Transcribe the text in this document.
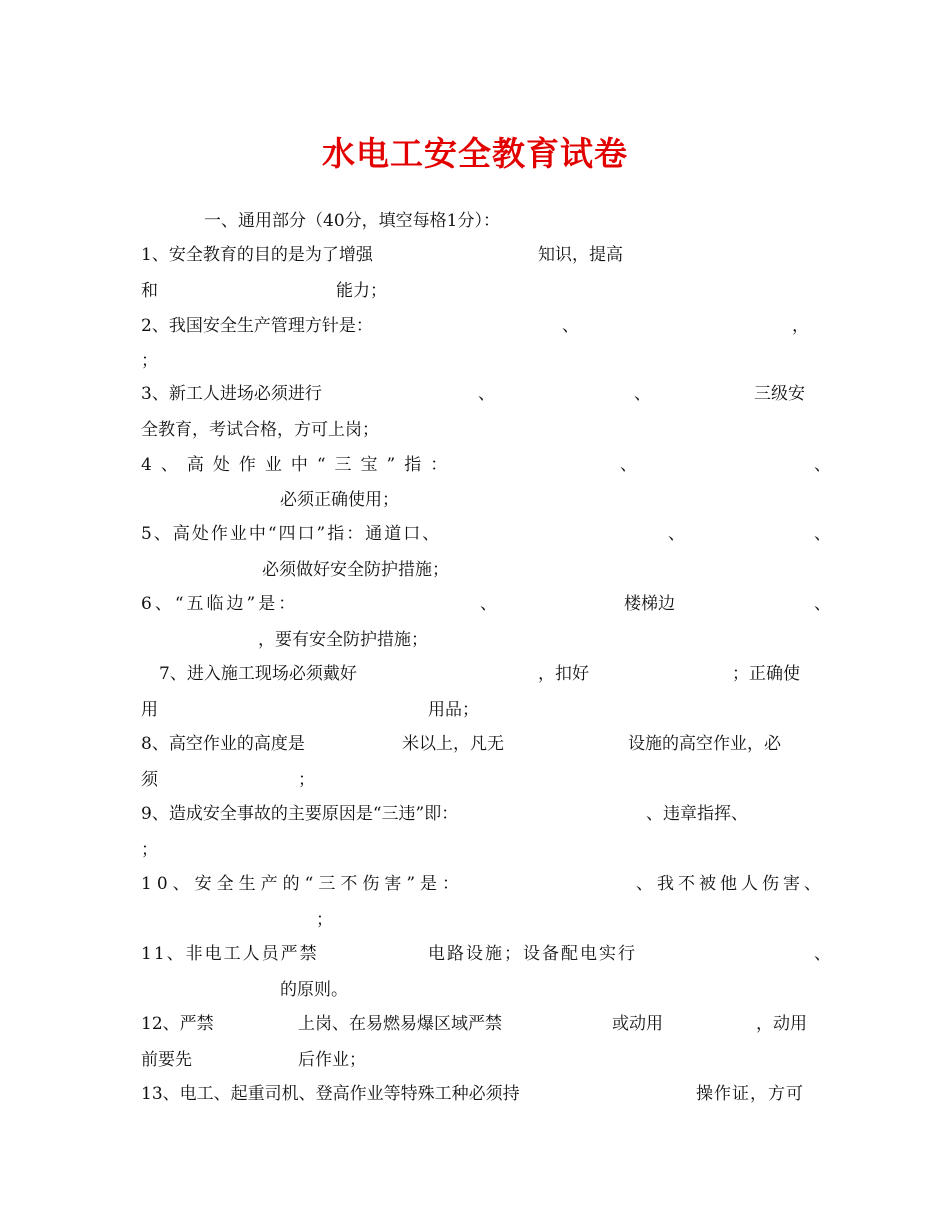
水电工安全教育试卷
一、通用部分（40分，填空每格1分）：
1、安全教育的目的是为了增强	知识，提高
和	能力；
2、我国安全生产管理方针是：	、	，
；
3、新工人进场必须进行	、	、	三级安
全教育，考试合格，方可上岗；
4、高处作业中“三宝”指：	、	、
必须正确使用；
5、高处作业中“四口”指：通道口、	、	、
必须做好安全防护措施；
6、“五临边”是：	、	楼梯边	、
，要有安全防护措施；
7、进入施工现场必须戴好	，扣好	；正确使
用	用品；
8、高空作业的高度是	米以上，凡无	设施的高空作业，必
须	；
9、造成安全事故的主要原因是“三违”即：	、违章指挥、
；
10、安全生产的“三不伤害”是：	、我不被他人伤害、
；
11、非电工人员严禁	电路设施；设备配电实行	、
的原则。
12、严禁	上岗、在易燃易爆区域严禁	或动用	，动用
前要先	后作业；
13、电工、起重司机、登高作业等特殊工种必须持	操作证，方可
